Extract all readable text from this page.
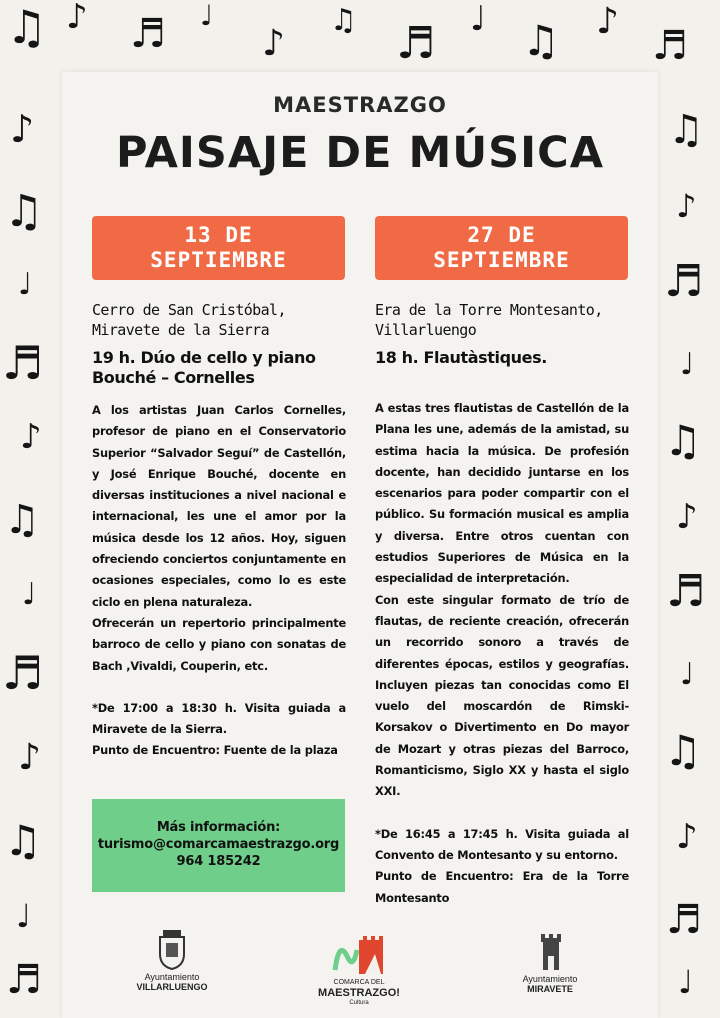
♫ ♪ ♬ ♩
♪
♫ ♬ ♩ ♫ ♪
♬
♪
♫
♩
♬
♪
♫
♩
♬
♪
♫
♩
♬
♫
♪
♬
♩
♫
♪
♬
♩
♫
♪
♬
♩
MAESTRAZGO
PAISAJE DE MÚSICA
13 DE
SEPTIEMBRE
27 DE
SEPTIEMBRE
Cerro de San Cristóbal,
Miravete de la Sierra
19 h. Dúo de cello y piano
Bouché – Cornelles

A los artistas Juan Carlos Cornelles, profesor de piano en el Conservatorio Superior “Salvador Seguí” de Castellón, y José Enrique Bouché, docente en diversas instituciones a nivel nacional e internacional, les une el amor por la música desde los 12 años. Hoy, siguen ofreciendo conciertos conjuntamente en ocasiones especiales, como lo es este ciclo en plena naturaleza.

Ofrecerán un repertorio principalmente barroco de cello y piano con sonatas de Bach ,Vivaldi, Couperin, etc.

*De 17:00 a 18:30 h. Visita guiada a Miravete de la Sierra.

Punto de Encuentro: Fuente de la plaza

Era de la Torre Montesanto,
Villarluengo
18 h. Flautàstiques.

A estas tres flautistas de Castellón de la Plana les une, además de la amistad, su estima hacia la música. De profesión docente, han decidido juntarse en los escenarios para poder compartir con el público. Su formación musical es amplia y diversa. Entre otros cuentan con estudios Superiores de Música en la especialidad de interpretación.

Con este singular formato de trío de flautas, de reciente creación, ofrecerán un recorrido sonoro a través de diferentes épocas, estilos y geografías. Incluyen piezas tan conocidas como El vuelo del moscardón de Rimski-Korsakov o Divertimento en Do mayor de Mozart y otras piezas del Barroco, Romanticismo, Siglo XX y hasta el siglo XXI.

*De 16:45 a 17:45 h. Visita guiada al Convento de Montesanto y su entorno.

Punto de Encuentro: Era de la Torre Montesanto

Más información:
turismo@comarcamaestrazgo.org
964 185242
Ayuntamiento
VILLARLUENGO	COMARCA DEL
MAESTRAZGO!
Cultura
Ayuntamiento
MIRAVETE
